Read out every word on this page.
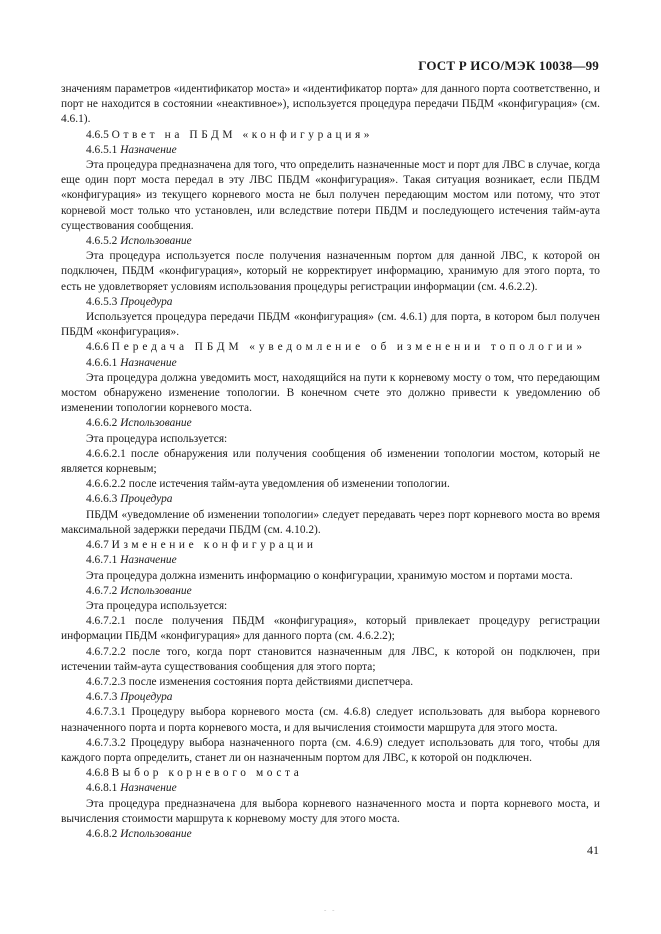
ГОСТ Р ИСО/МЭК 10038—99

значениям параметров «идентификатор моста» и «идентификатор порта» для данного порта соответственно, и порт не находится в состоянии «неактивное»), используется процедура передачи ПБДМ «конфигурация» (см. 4.6.1).

4.6.5 Ответ на ПБДМ «конфигурация»

4.6.5.1 Назначение

Эта процедура предназначена для того, что определить назначенные мост и порт для ЛВС в случае, когда еще один порт моста передал в эту ЛВС ПБДМ «конфигурация». Такая ситуация возникает, если ПБДМ «конфигурация» из текущего корневого моста не был получен передающим мостом или потому, что этот корневой мост только что установлен, или вследствие потери ПБДМ и последующего истечения тайм-аута существования сообщения.

4.6.5.2 Использование

Эта процедура используется после получения назначенным портом для данной ЛВС, к которой он подключен, ПБДМ «конфигурация», который не корректирует информацию, хранимую для этого порта, то есть не удовлетворяет условиям использования процедуры регистрации информации (см. 4.6.2.2).

4.6.5.3 Процедура

Используется процедура передачи ПБДМ «конфигурация» (см. 4.6.1) для порта, в котором был получен ПБДМ «конфигурация».

4.6.6 Передача ПБДМ «уведомление об изменении топологии»

4.6.6.1 Назначение

Эта процедура должна уведомить мост, находящийся на пути к корневому мосту о том, что передающим мостом обнаружено изменение топологии. В конечном счете это должно привести к уведомлению об изменении топологии корневого моста.

4.6.6.2 Использование

Эта процедура используется:

4.6.6.2.1 после обнаружения или получения сообщения об изменении топологии мостом, который не является корневым;

4.6.6.2.2 после истечения тайм-аута уведомления об изменении топологии.

4.6.6.3 Процедура

ПБДМ «уведомление об изменении топологии» следует передавать через порт корневого моста во время максимальной задержки передачи ПБДМ (см. 4.10.2).

4.6.7 Изменение конфигурации

4.6.7.1 Назначение

Эта процедура должна изменить информацию о конфигурации, хранимую мостом и портами моста.

4.6.7.2 Использование

Эта процедура используется:

4.6.7.2.1 после получения ПБДМ «конфигурация», который привлекает процедуру регистрации информации ПБДМ «конфигурация» для данного порта (см. 4.6.2.2);

4.6.7.2.2 после того, когда порт становится назначенным для ЛВС, к которой он подключен, при истечении тайм-аута существования сообщения для этого порта;

4.6.7.2.3 после изменения состояния порта действиями диспетчера.

4.6.7.3 Процедура

4.6.7.3.1 Процедуру выбора корневого моста (см. 4.6.8) следует использовать для выбора корневого назначенного порта и порта корневого моста, и для вычисления стоимости маршрута для этого моста.

4.6.7.3.2 Процедуру выбора назначенного порта (см. 4.6.9) следует использовать для того, чтобы для каждого порта определить, станет ли он назначенным портом для ЛВС, к которой он подключен.

4.6.8 Выбор корневого моста

4.6.8.1 Назначение

Эта процедура предназначена для выбора корневого назначенного моста и порта корневого моста, и вычисления стоимости маршрута к корневому мосту для этого моста.

4.6.8.2 Использование

41
- -
